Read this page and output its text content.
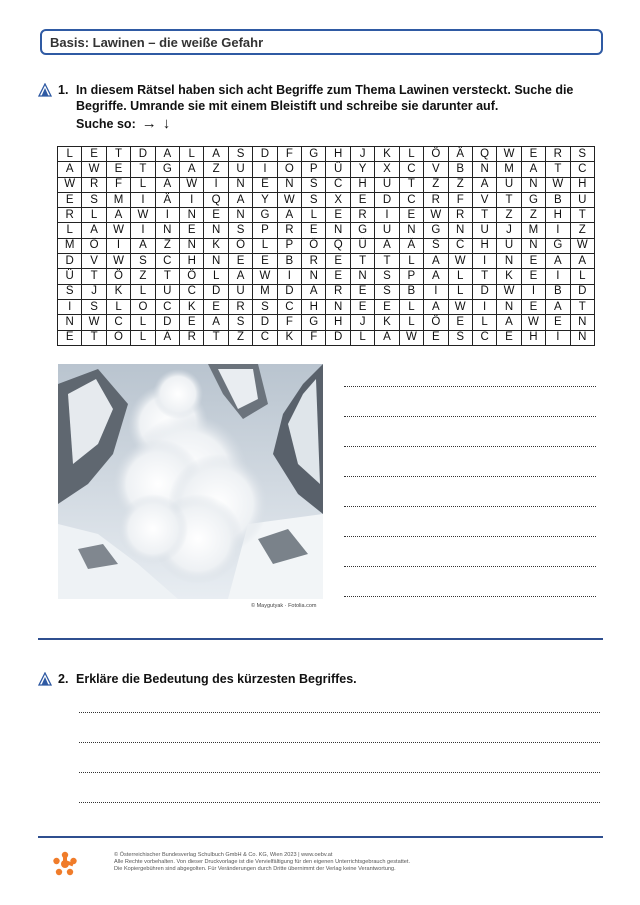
Basis: Lawinen – die weiße Gefahr
1. In diesem Rätsel haben sich acht Begriffe zum Thema Lawinen versteckt. Suche die Begriffe. Umrande sie mit einem Bleistift und schreibe sie darunter auf.
Suche so: → ↓
L	E	T	D	A	L	A	S	D	F	G	H	J	K	L	Ö	Ä	Q	W	E	R	S
A	W	E	T	G	A	Z	U	I	O	P	Ü	Y	X	C	V	B	N	M	A	T	C
W	R	F	L	A	W	I	N	E	N	S	C	H	U	T	Z	Z	A	U	N	W	H
E	S	M	I	Ä	I	Q	A	Y	W	S	X	E	D	C	R	F	V	T	G	B	U
R	L	A	W	I	N	E	N	G	A	L	E	R	I	E	W	R	T	Z	Z	H	T
L	A	W	I	N	E	N	S	P	R	E	N	G	U	N	G	N	U	J	M	I	Z
M	Ö	I	A	Z	N	K	O	L	P	Ö	Q	Ü	A	Ä	S	C	H	U	N	G	W
D	V	W	S	C	H	N	E	E	B	R	E	T	T	L	A	W	I	N	E	A	A
Ü	T	Ö	Z	T	Ö	L	A	W	I	N	E	N	S	P	A	L	T	K	E	I	L
S	J	K	L	U	C	D	U	M	D	A	R	E	S	B	I	L	D	W	I	B	D
I	S	L	O	C	K	E	R	S	C	H	N	E	E	L	A	W	I	N	E	A	T
N	W	C	L	D	E	A	S	D	F	G	H	J	K	L	Ö	E	L	A	W	E	N
E	T	O	L	Ä	R	T	Z	C	K	F	D	L	A	W	E	S	C	E	H	I	N
© Maygutyak · Fotolia.com
2. Erkläre die Bedeutung des kürzesten Begriffes.
© Österreichischer Bundesverlag Schulbuch GmbH & Co. KG, Wien 2023 | www.oebv.at
Alle Rechte vorbehalten. Von dieser Druckvorlage ist die Vervielfältigung für den eigenen Unterrichtsgebrauch gestattet.
Die Kopiergebühren sind abgegolten. Für Veränderungen durch Dritte übernimmt der Verlag keine Verantwortung.
